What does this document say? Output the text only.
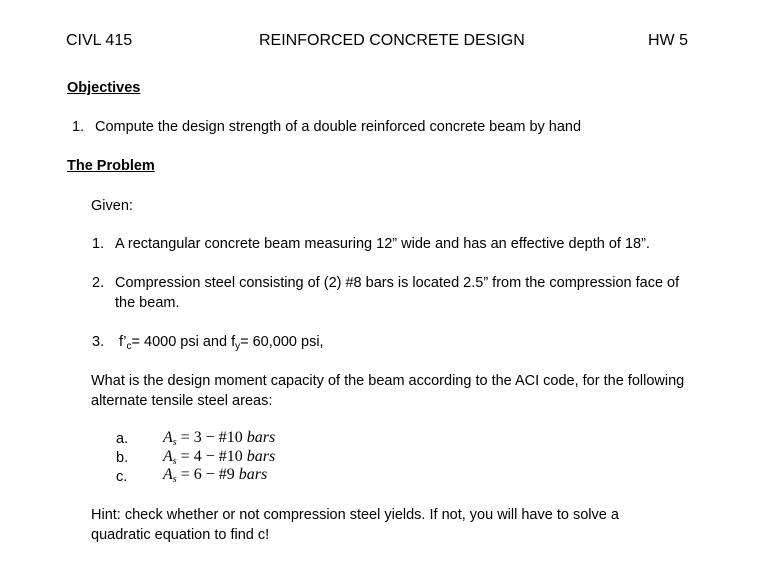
CIVL 415	REINFORCED CONCRETE DESIGN	HW 5
Objectives
1. Compute the design strength of a double reinforced concrete beam by hand
The Problem
Given:
1. A rectangular concrete beam measuring 12” wide and has an effective depth of 18”.
2. Compression steel consisting of (2) #8 bars is located 2.5” from the compression face of
the beam.
3. $f’_c= 4000$ psi and $f_y= 60,000$ psi,
What is the design moment capacity of the beam according to the ACI code, for the following
alternate tensile steel areas:
a. $A_s = 3$ − #10 bars
b. $A_s = 4$ − #10 bars
c. $A_s = 6$ − #9 bars
Hint: check whether or not compression steel yields. If not, you will have to solve a
quadratic equation to find c!
